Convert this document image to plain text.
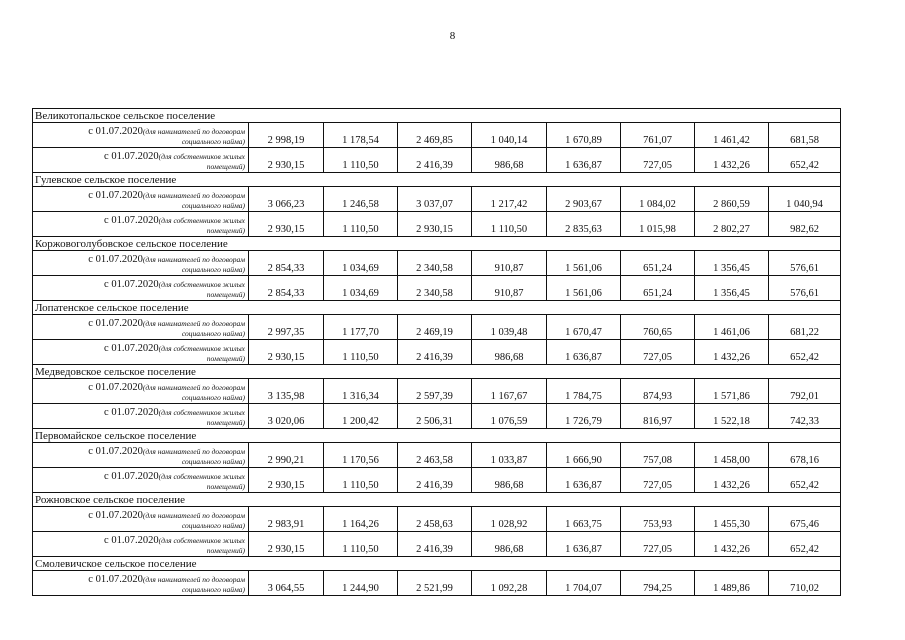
8
Великотопальское сельское поселение								

с 01.07.2020(для нанимателей по договорам
социального найма)	2 998,19	1 178,54	2 469,85	1 040,14	1 670,89	761,07	1 461,42	681,58

с 01.07.2020(для собственников жилых
помещений)	2 930,15	1 110,50	2 416,39	986,68	1 636,87	727,05	1 432,26	652,42
Гулевское сельское поселение								

с 01.07.2020(для нанимателей по договорам
социального найма)	3 066,23	1 246,58	3 037,07	1 217,42	2 903,67	1 084,02	2 860,59	1 040,94

с 01.07.2020(для собственников жилых
помещений)	2 930,15	1 110,50	2 930,15	1 110,50	2 835,63	1 015,98	2 802,27	982,62
Коржовоголубовское сельское поселение								

с 01.07.2020(для нанимателей по договорам
социального найма)	2 854,33	1 034,69	2 340,58	910,87	1 561,06	651,24	1 356,45	576,61

с 01.07.2020(для собственников жилых
помещений)	2 854,33	1 034,69	2 340,58	910,87	1 561,06	651,24	1 356,45	576,61
Лопатенское сельское поселение								

с 01.07.2020(для нанимателей по договорам
социального найма)	2 997,35	1 177,70	2 469,19	1 039,48	1 670,47	760,65	1 461,06	681,22

с 01.07.2020(для собственников жилых
помещений)	2 930,15	1 110,50	2 416,39	986,68	1 636,87	727,05	1 432,26	652,42
Медведовское сельское поселение								

с 01.07.2020(для нанимателей по договорам
социального найма)	3 135,98	1 316,34	2 597,39	1 167,67	1 784,75	874,93	1 571,86	792,01

с 01.07.2020(для собственников жилых
помещений)	3 020,06	1 200,42	2 506,31	1 076,59	1 726,79	816,97	1 522,18	742,33
Первомайское сельское поселение								

с 01.07.2020(для нанимателей по договорам
социального найма)	2 990,21	1 170,56	2 463,58	1 033,87	1 666,90	757,08	1 458,00	678,16

с 01.07.2020(для собственников жилых
помещений)	2 930,15	1 110,50	2 416,39	986,68	1 636,87	727,05	1 432,26	652,42
Рожновское сельское поселение								

с 01.07.2020(для нанимателей по договорам
социального найма)	2 983,91	1 164,26	2 458,63	1 028,92	1 663,75	753,93	1 455,30	675,46

с 01.07.2020(для собственников жилых
помещений)	2 930,15	1 110,50	2 416,39	986,68	1 636,87	727,05	1 432,26	652,42
Смолевичское сельское поселение								

с 01.07.2020(для нанимателей по договорам
социального найма)	3 064,55	1 244,90	2 521,99	1 092,28	1 704,07	794,25	1 489,86	710,02
